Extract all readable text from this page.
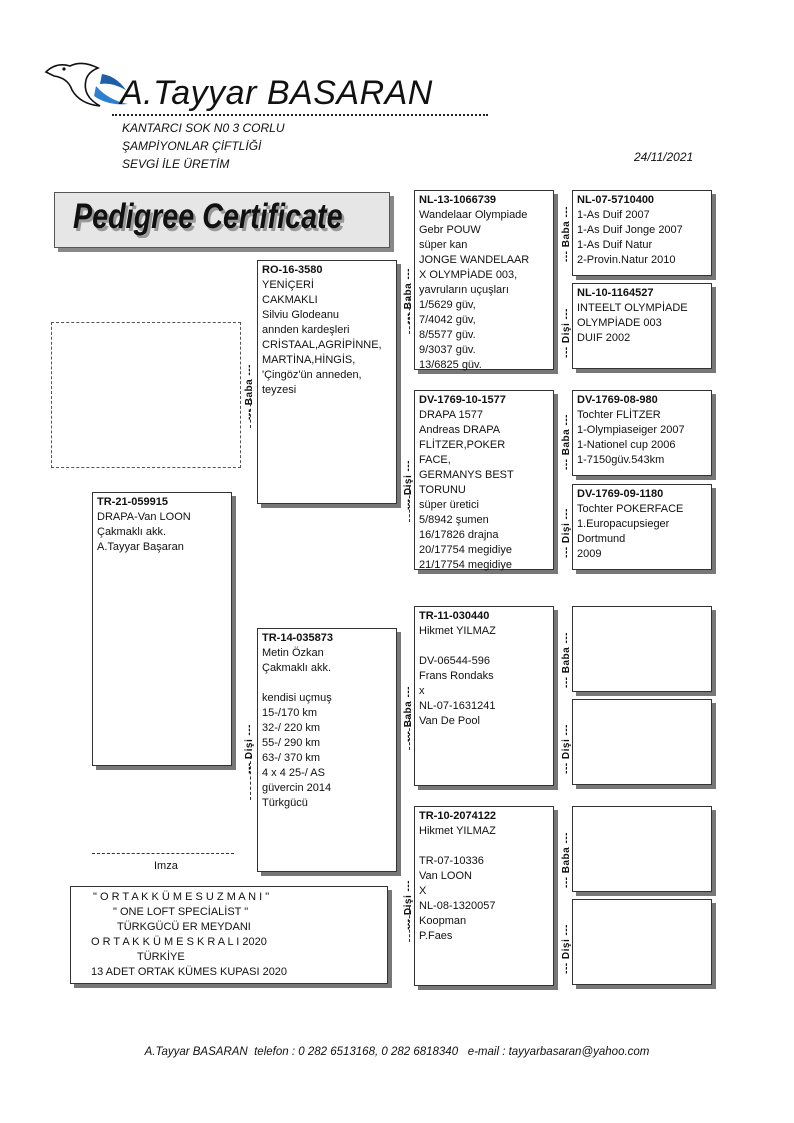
A.Tayyar BASARAN
KANTARCI SOK N0 3 CORLU
ŞAMPİYONLAR ÇİFTLİĞİ
SEVGİ İLE ÜRETİM	24/11/2021
Pedigree Certificate
TR-21-059915
DRAPA-Van LOON
Çakmaklı akk.
A.Tayyar Başaran
Imza
" O R T A K K Ü M E S U Z M A N I "
" ONE LOFT SPECİALİST "
TÜRKGÜCÜ ER MEYDANI
O R T A K K Ü M E S K R A L I 2020
TÜRKİYE
13 ADET ORTAK KÜMES KUPASI 2020
--- Baba ---
RO-16-3580
YENİÇERİ
CAKMAKLI
Silviu Glodeanu
annden kardeşleri
CRİSTAAL,AGRİPİNNE,
MARTİNA,HİNGİS,
'Çingöz'ün anneden,
teyzesi
--- Dişi ---
TR-14-035873
Metin Özkan
Çakmaklı akk.
kendisi uçmuş
15-/170 km
32-/ 220 km
55-/ 290 km
63-/ 370 km
4 x 4 25-/ AS
güvercin 2014
Türkgücü
--- Baba ---
NL-13-1066739
Wandelaar Olympiade
Gebr POUW
süper kan
JONGE WANDELAAR
X OLYMPİADE 003,
yavruların uçuşları
1/5629 güv,
7/4042 güv,
8/5577 güv.
9/3037 güv.
13/6825 güv.
--- Dişi ---
DV-1769-10-1577
DRAPA 1577
Andreas DRAPA
FLİTZER,POKER
FACE,
GERMANYS BEST
TORUNU
süper üretici
5/8942 şumen
16/17826 drajna
20/17754 megidiye
21/17754 megidiye
--- Baba ---
TR-11-030440
Hikmet YILMAZ
DV-06544-596
Frans Rondaks
x
NL-07-1631241
Van De Pool
--- Dişi ---
TR-10-2074122
Hikmet YILMAZ
TR-07-10336
Van LOON
X
NL-08-1320057
Koopman
P.Faes
--- Baba ---
NL-07-5710400
1-As Duif 2007
1-As Duif Jonge 2007
1-As Duif Natur
2-Provin.Natur 2010
--- Dişi ---
NL-10-1164527
INTEELT OLYMPİADE
OLYMPİADE 003
DUIF 2002
--- Baba ---
DV-1769-08-980
Tochter FLİTZER
1-Olympiaseiger 2007
1-Nationel cup 2006
1-7150güv.543km
--- Dişi ---
DV-1769-09-1180
Tochter POKERFACE
1.Europacupsieger
Dortmund
2009
--- Baba ---
--- Dişi ---
--- Baba ---
--- Dişi ---
A.Tayyar BASARAN  telefon : 0 282 6513168, 0 282 6818340   e-mail : tayyarbasaran@yahoo.com
